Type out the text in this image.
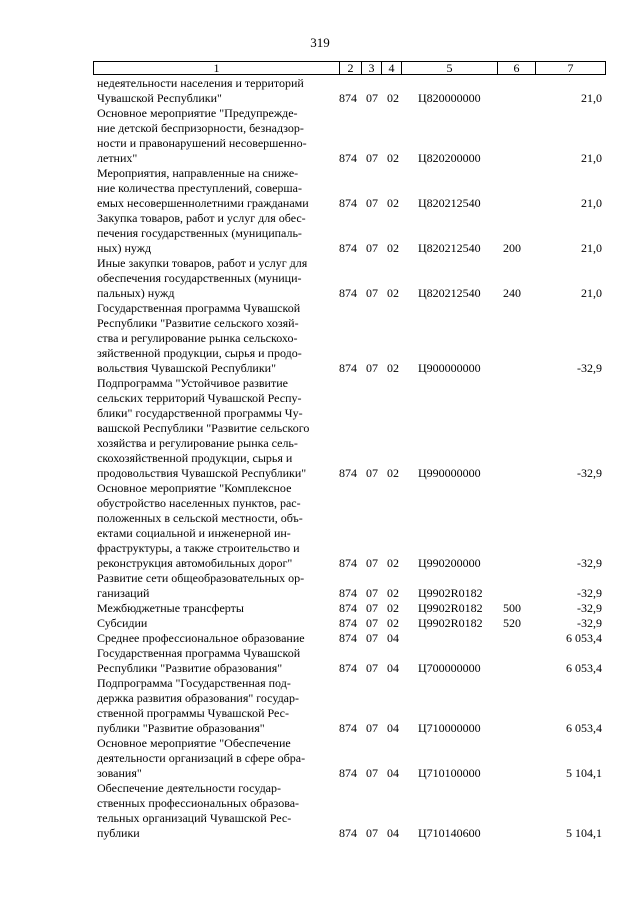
319
1	2	3	4	5	6	7
недеятельности населения и территорий
Чувашской Республики"	874 07 02 Ц820000000	21,0
Основное мероприятие "Предупрежде-
ние детской беспризорности, безнадзор-
ности и правонарушений несовершенно-
летних"	874 07 02 Ц820200000	21,0
Мероприятия, направленные на сниже-
ние количества преступлений, соверша-
емых несовершеннолетними гражданами	874 07 02 Ц820212540	21,0
Закупка товаров, работ и услуг для обес-
печения государственных (муниципаль-
ных) нужд	874 07 02 Ц820212540	200	21,0
Иные закупки товаров, работ и услуг для
обеспечения государственных (муници-
пальных) нужд	874 07 02 Ц820212540	240	21,0
Государственная программа Чувашской
Республики "Развитие сельского хозяй-
ства и регулирование рынка сельскохо-
зяйственной продукции, сырья и продо-
вольствия Чувашской Республики"	874 07 02 Ц900000000	-32,9
Подпрограмма "Устойчивое развитие
сельских территорий Чувашской Респу-
блики" государственной программы Чу-
вашской Республики "Развитие сельского
хозяйства и регулирование рынка сель-
скохозяйственной продукции, сырья и
продовольствия Чувашской Республики"	874 07 02 Ц990000000	-32,9
Основное мероприятие "Комплексное
обустройство населенных пунктов, рас-
положенных в сельской местности, объ-
ектами социальной и инженерной ин-
фраструктуры, а также строительство и
реконструкция автомобильных дорог"	874 07 02 Ц990200000	-32,9
Развитие сети общеобразовательных ор-
ганизаций	874 07 02 Ц9902R0182	-32,9
Межбюджетные трансферты	874 07 02 Ц9902R0182	500	-32,9
Субсидии	874 07 02 Ц9902R0182	520	-32,9
Среднее профессиональное образование	874 07 04	6 053,4
Государственная программа Чувашской
Республики "Развитие образования"	874 07 04 Ц700000000	6 053,4
Подпрограмма "Государственная под-
держка развития образования" государ-
ственной программы Чувашской Рес-
публики "Развитие образования"	874 07 04 Ц710000000	6 053,4
Основное мероприятие "Обеспечение
деятельности организаций в сфере обра-
зования"	874 07 04 Ц710100000	5 104,1
Обеспечение деятельности государ-
ственных профессиональных образова-
тельных организаций Чувашской Рес-
публики	874 07 04 Ц710140600	5 104,1
